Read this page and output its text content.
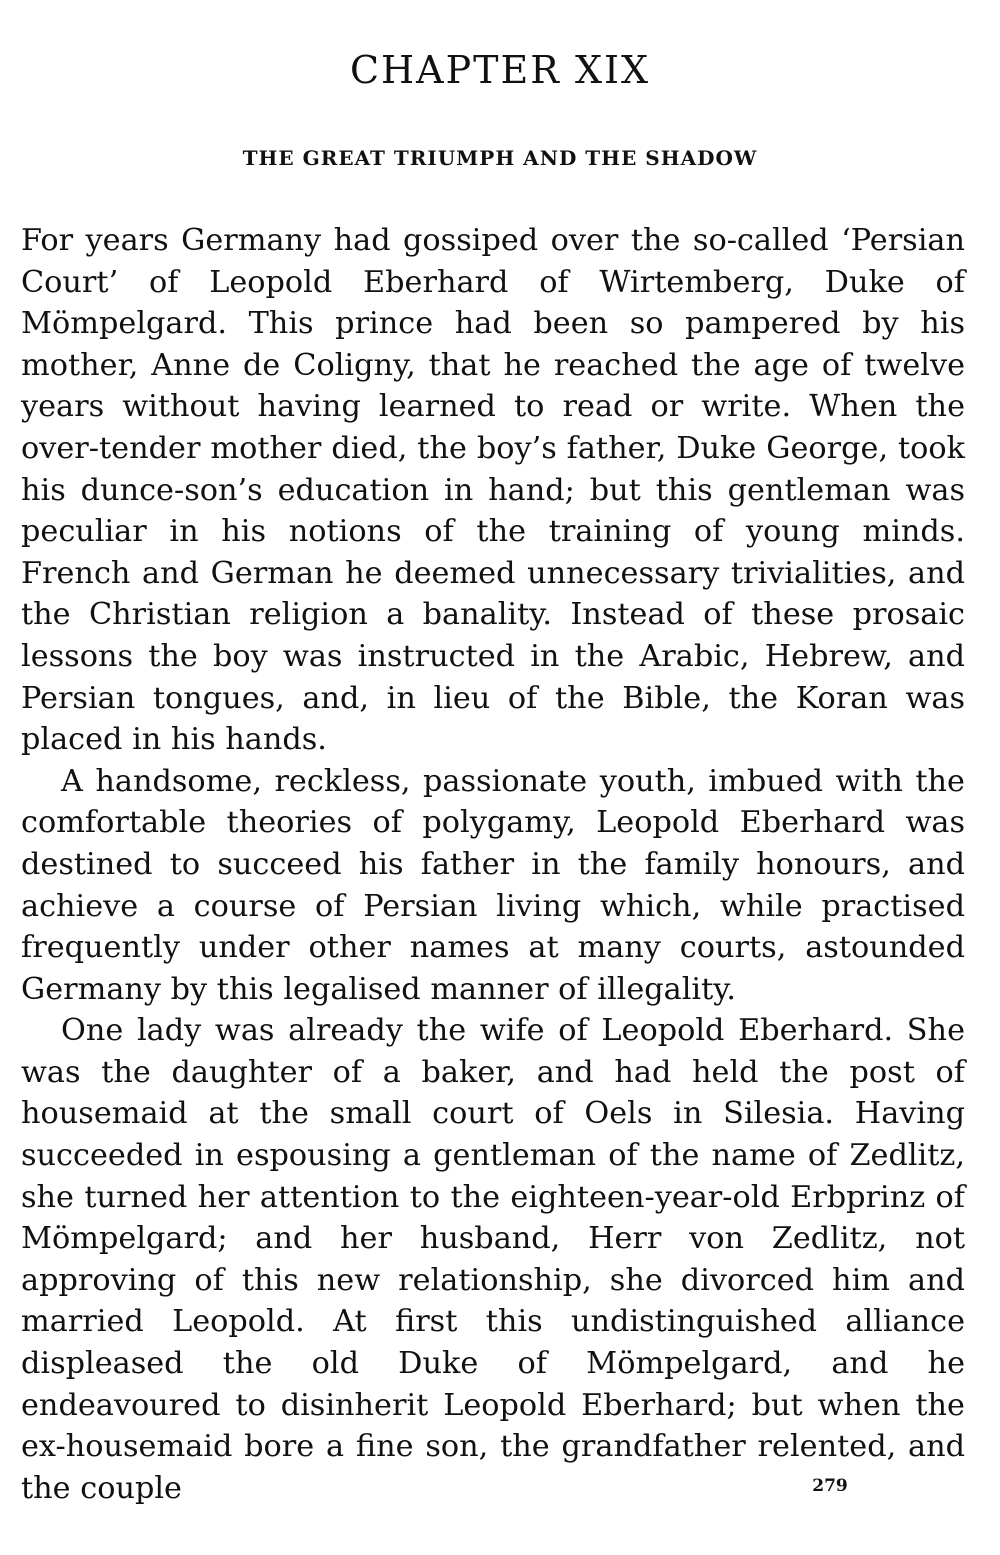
CHAPTER XIX
THE GREAT TRIUMPH AND THE SHADOW

For years Germany had gossiped over the so-called ‘Persian Court’ of Leopold Eberhard of Wirtemberg, Duke of Mömpelgard. This prince had been so pampered by his mother, Anne de Coligny, that he reached the age of twelve years without having learned to read or write. When the over-tender mother died, the boy’s father, Duke George, took his dunce-son’s education in hand; but this gentleman was peculiar in his notions of the training of young minds. French and German he deemed unnecessary trivialities, and the Christian religion a banality. Instead of these prosaic lessons the boy was instructed in the Arabic, Hebrew, and Persian tongues, and, in lieu of the Bible, the Koran was placed in his hands.

A handsome, reckless, passionate youth, imbued with the comfortable theories of polygamy, Leopold Eberhard was destined to succeed his father in the family honours, and achieve a course of Persian living which, while practised frequently under other names at many courts, astounded Germany by this legalised manner of illegality.

One lady was already the wife of Leopold Eberhard. She was the daughter of a baker, and had held the post of housemaid at the small court of Oels in Silesia. Having succeeded in espousing a gentleman of the name of Zedlitz, she turned her attention to the eighteen-year-old Erbprinz of Mömpelgard; and her husband, Herr von Zedlitz, not approving of this new relationship, she divorced him and married Leopold. At first this undistinguished alliance displeased the old Duke of Mömpelgard, and he endeavoured to disinherit Leopold Eberhard; but when the ex-housemaid bore a fine son, the grandfather relented, and the couple	279
